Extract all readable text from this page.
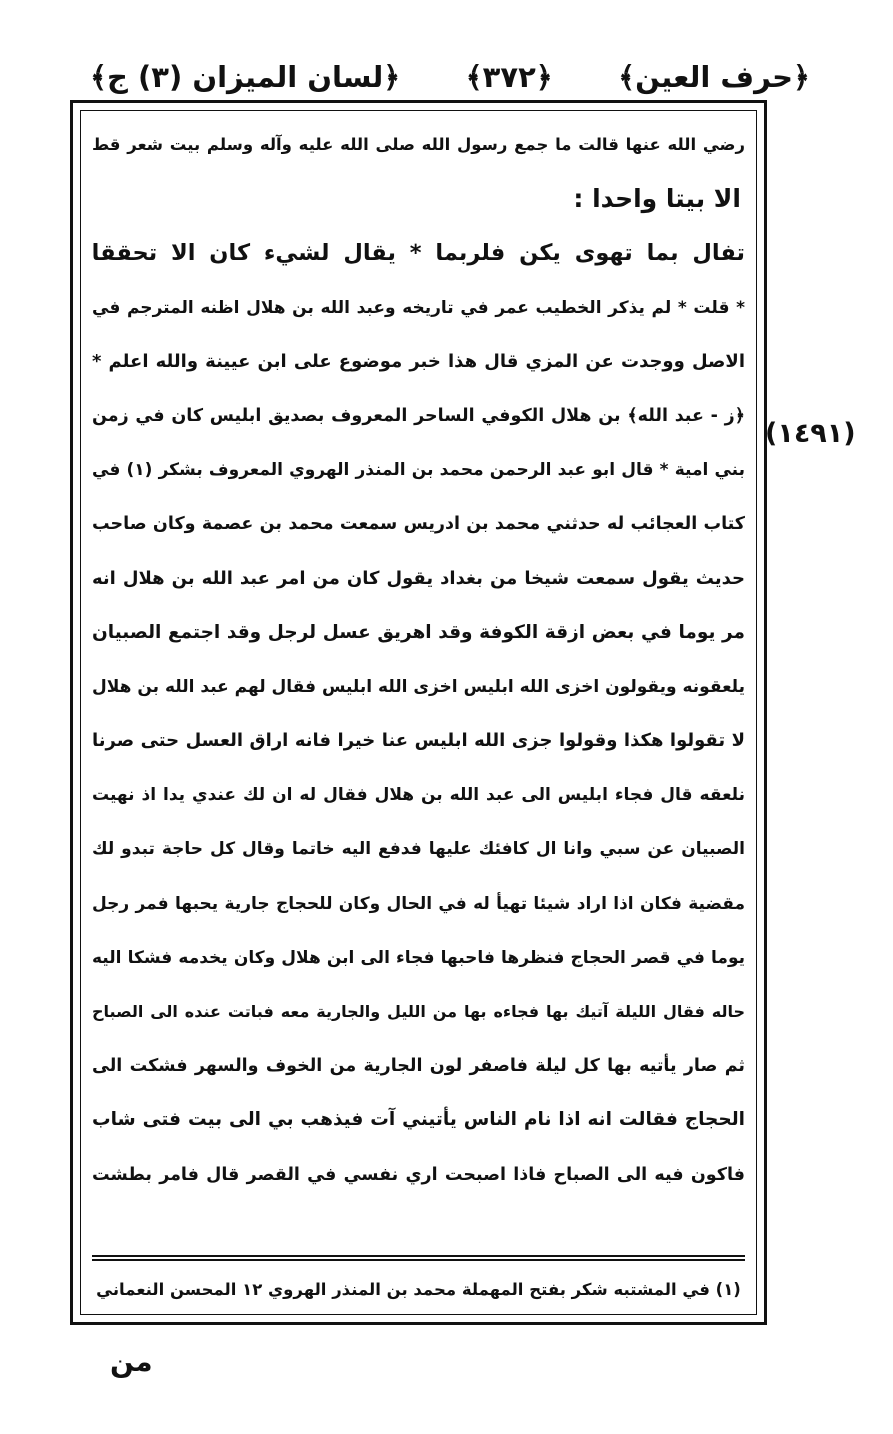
﴿لسان الميزان (٣) ج﴾ ﴿٣٧٢﴾ ﴿حرف العين﴾
(١٤٩١)
رضي الله عنها قالت ما جمع رسول الله صلى الله عليه وآله وسلم بيت شعر قط
الا بيتا واحدا :
تفال بما تهوى يكن فلربما * يقال لشيء كان الا تحققا
* قلت * لم يذكر الخطيب عمر في تاريخه وعبد الله بن هلال اظنه المترجم في
الاصل ووجدت عن المزي قال هذا خبر موضوع على ابن عيينة والله اعلم *
﴿ز - عبد الله﴾ بن هلال الكوفي الساحر المعروف بصديق ابليس كان في زمن
بني امية * قال ابو عبد الرحمن محمد بن المنذر الهروي المعروف بشكر (١) في
كتاب العجائب له حدثني محمد بن ادريس سمعت محمد بن عصمة وكان صاحب
حديث يقول سمعت شيخا من بغداد يقول كان من امر عبد الله بن هلال انه
مر يوما في بعض ازقة الكوفة وقد اهريق عسل لرجل وقد اجتمع الصبيان
يلعقونه ويقولون اخزى الله ابليس اخزى الله ابليس فقال لهم عبد الله بن هلال
لا تقولوا هكذا وقولوا جزى الله ابليس عنا خيرا فانه اراق العسل حتى صرنا
نلعقه قال فجاء ابليس الى عبد الله بن هلال فقال له ان لك عندي يدا اذ نهيت
الصبيان عن سبي وانا ال كافئك عليها فدفع اليه خاتما وقال كل حاجة تبدو لك
مقضية فكان اذا اراد شيئا تهيأ له في الحال وكان للحجاج جارية يحبها فمر رجل
يوما في قصر الحجاج فنظرها فاحبها فجاء الى ابن هلال وكان يخدمه فشكا اليه
حاله فقال الليلة آتيك بها فجاءه بها من الليل والجارية معه فباتت عنده الى الصباح
ثم صار يأتيه بها كل ليلة فاصفر لون الجارية من الخوف والسهر فشكت الى
الحجاج فقالت انه اذا نام الناس يأتيني آت فيذهب بي الى بيت فتى شاب
فاكون فيه الى الصباح فاذا اصبحت اري نفسي في القصر قال فامر بطشت
(١) في المشتبه شكر بفتح المهملة محمد بن المنذر الهروي ١٢ المحسن النعماني
من
